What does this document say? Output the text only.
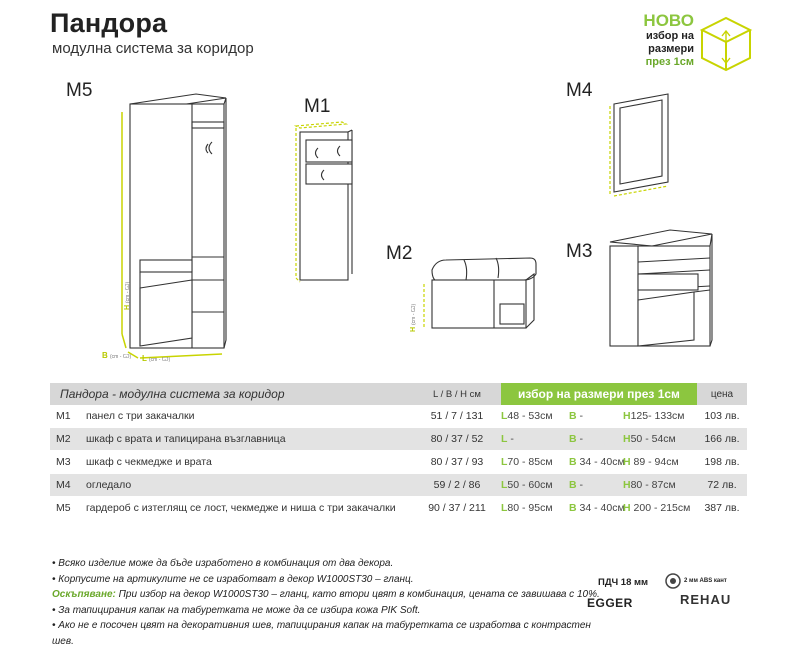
Пандора
модулна система за коридор
НОВО
избор на
размери
през 1см
M5
M1
M4
M2	M3
H (cm - Ѡ)
B (cm - Ѡ) L (cm - Ѡ)
H (cm - Ѡ)
Пандора - модулна система за коридор		L / B / H см	избор на размери през 1см	цена
M1	панел с три закачалки	51 / 7 / 131	L48 - 53см B - H125- 133см	103 лв.
M2	шкаф с врата и тапицирана възглавница	80 / 37 / 52	L - B - H50 - 54см	166 лв.
M3	шкаф с чекмедже и врата	80 / 37 / 93	L70 - 85см B 34 - 40смH 89 - 94см	198 лв.
M4	огледало	59 / 2 / 86	L50 - 60см B - H80 - 87см	72 лв.
M5	гардероб с изтеглящ се лост, чекмедже и ниша с три закачалки	90 / 37 / 211	L80 - 95см B 34 - 40смH 200 - 215см	387 лв.
• Всяко изделие може да бъде изработено в комбинация от два декора.
• Корпусите на артикулите не се изработват в декор W1000ST30 – гланц.
Оскъпяване: При избор на декор W1000ST30 – гланц, като втори цвят в комбинация, цената се завишава с 10%.
• За тапицирания капак на табуретката не може да се избира кожа PIK Soft.
• Ако не е посочен цвят на декоративния шев, тапицирания капак на табуретката се изработва с контрастен шев.
ПДЧ 18 мм	2 мм ABS кант
EGGER	REHAU
